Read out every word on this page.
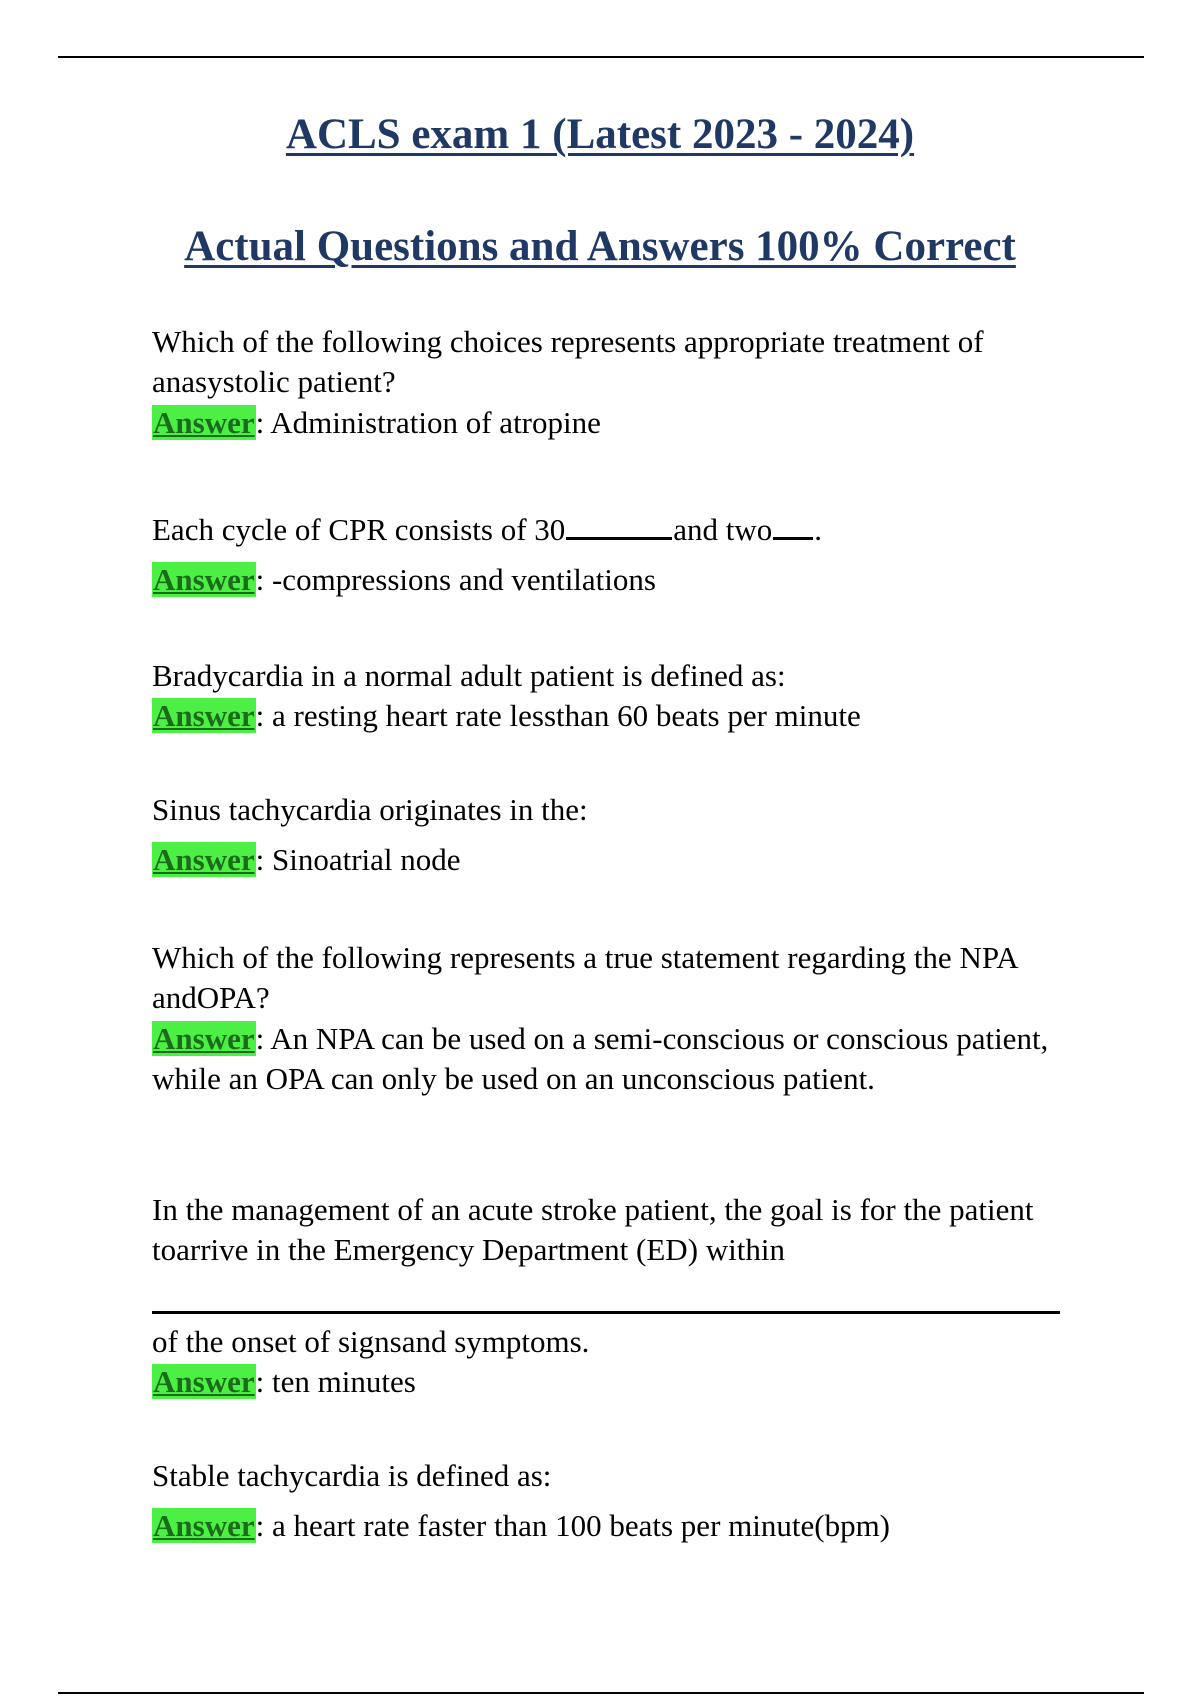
ACLS exam 1 (Latest 2023 - 2024)
Actual Questions and Answers 100% Correct

Which of the following choices represents appropriate treatment of anasystolic patient?

Answer: Administration of atropine

Each cycle of CPR consists of 30	and two .

Answer: -compressions and ventilations

Bradycardia in a normal adult patient is defined as:

Answer: a resting heart rate lessthan 60 beats per minute

Sinus tachycardia originates in the:

Answer: Sinoatrial node

Which of the following represents a true statement regarding the NPA andOPA?

Answer: An NPA can be used on a semi-conscious or conscious patient, while an OPA can only be used on an unconscious patient.

In the management of an acute stroke patient, the goal is for the patient toarrive in the Emergency Department (ED) within

of the onset of signsand symptoms.

Answer: ten minutes

Stable tachycardia is defined as:

Answer: a heart rate faster than 100 beats per minute(bpm)
